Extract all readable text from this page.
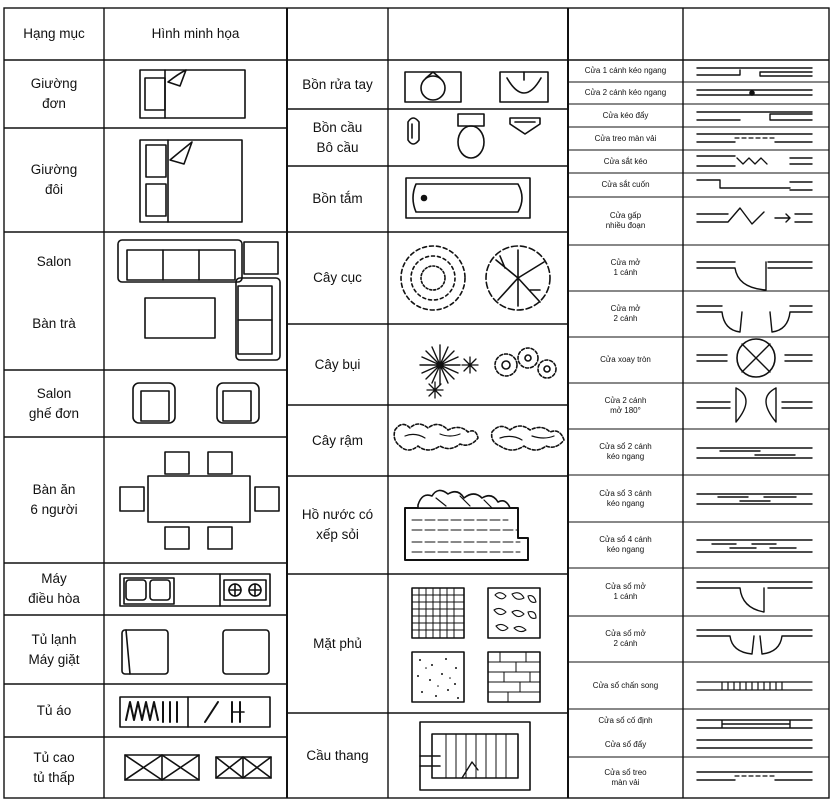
Hạng mục	Hình minh họa
Giường
đơn
Giường
đôi
Salon
Bàn trà
Salon
ghế đơn
Bàn ăn
6 người
Máy
điều hòa
Tủ lạnh
Máy giặt
Tủ áo
Tủ cao
tủ thấp
Bồn rửa tay
Bồn cầu
Bô cầu
Bồn tắm
Cây cục
Cây bụi
Cây rậm
Hồ nước có
xếp sỏi
Mặt phủ
Cầu thang
Cửa 1 cánh kéo ngang
Cửa 2 cánh kéo ngang
Cửa kéo đẩy
Cửa treo màn vải
Cửa sắt kéo
Cửa sắt cuốn
Cửa gấp
nhiều đoạn
Cửa mở
1 cánh
Cửa mở
2 cánh
Cửa xoay tròn
Cửa 2 cánh
mở 180°
Cửa sổ 2 cánh
kéo ngang
Cửa sổ 3 cánh
kéo ngang
Cửa sổ 4 cánh
kéo ngang
Cửa sổ mở
1 cánh
Cửa sổ mở
2 cánh
Cửa sổ chấn song
Cửa sổ cố định
Cửa sổ đẩy
Cửa sổ treo
màn vải
